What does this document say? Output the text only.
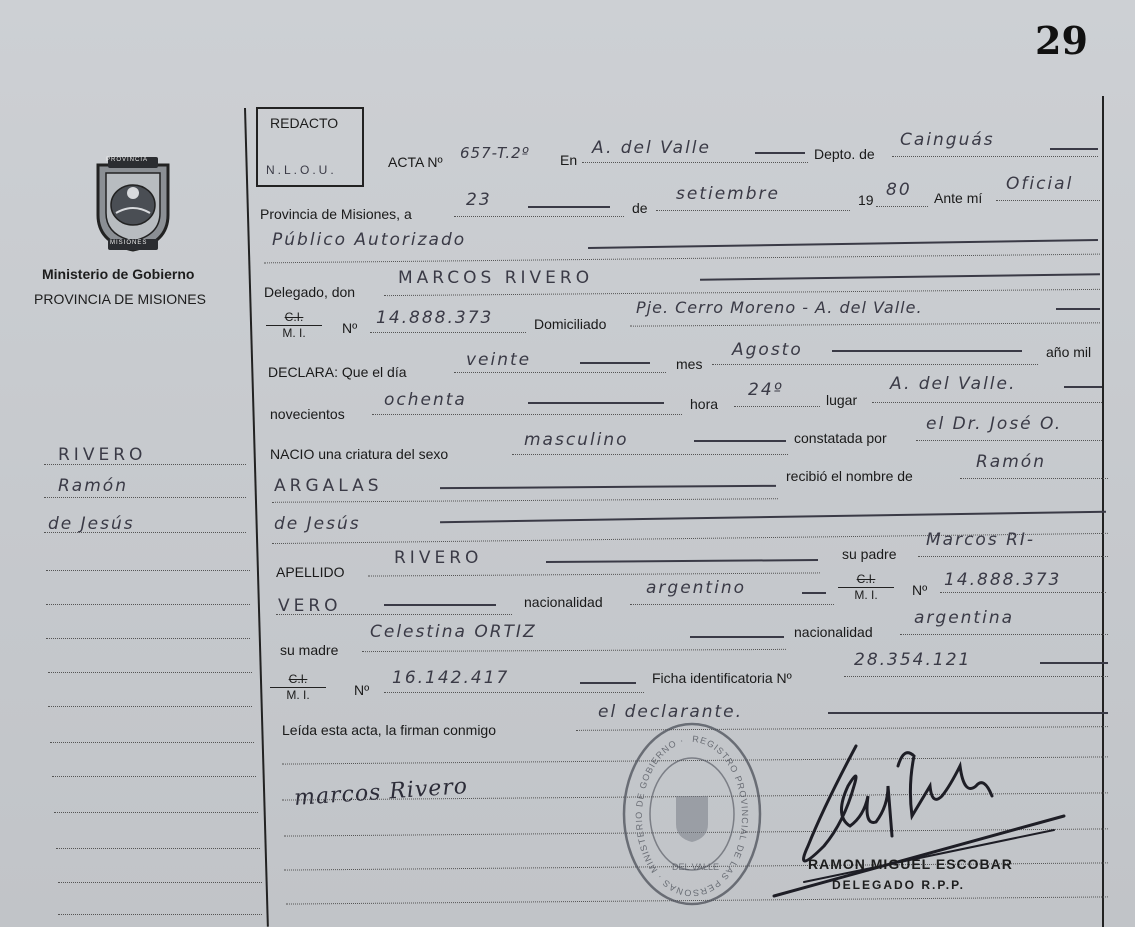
29
PROVINCIA
MISIONES
Ministerio de Gobierno
PROVINCIA DE MISIONES
RIVERO
Ramón
de Jesús
REDACTO
N.L.O.U.	ACTA Nº 657-T.2º En
A. del Valle	Depto. de
Cainguás
Provincia de Misiones, a
23	de
setiembre	19 80 Ante mí
Oficial
Público Autorizado
Delegado, don
MARCOS RIVERO
$\frac{C.I.}{M. I.}$ Nº 14.888.373	Domiciliado
Pje. Cerro Moreno - A. del Valle.
DECLARA: Que el día
veinte	mes
Agosto	año mil
novecientos
ochenta	hora
24º	lugar
A. del Valle.
NACIO una criatura del sexo
masculino	constatada por
el Dr. José O.
ARGALAS	recibió el nombre de
Ramón
de Jesús
APELLIDO
RIVERO	su padre
Marcos RI-
VERO	nacionalidad
argentino	$\frac{C.I.}{M. I.}$ Nº 14.888.373
su madre
Celestina ORTIZ	nacionalidad
argentina
$\frac{C.I.}{M. I.}$ Nº
16.142.417	Ficha identificatoria Nº
28.354.121
Leída esta acta, la firman conmigo
el declarante.
marcos Rivero
REGISTRO PROVINCIAL DE LAS PERSONAS · MINISTERIO DE GOBIERNO ·
DEL VALLE	RAMON MIGUEL ESCOBAR
DELEGADO R.P.P.
